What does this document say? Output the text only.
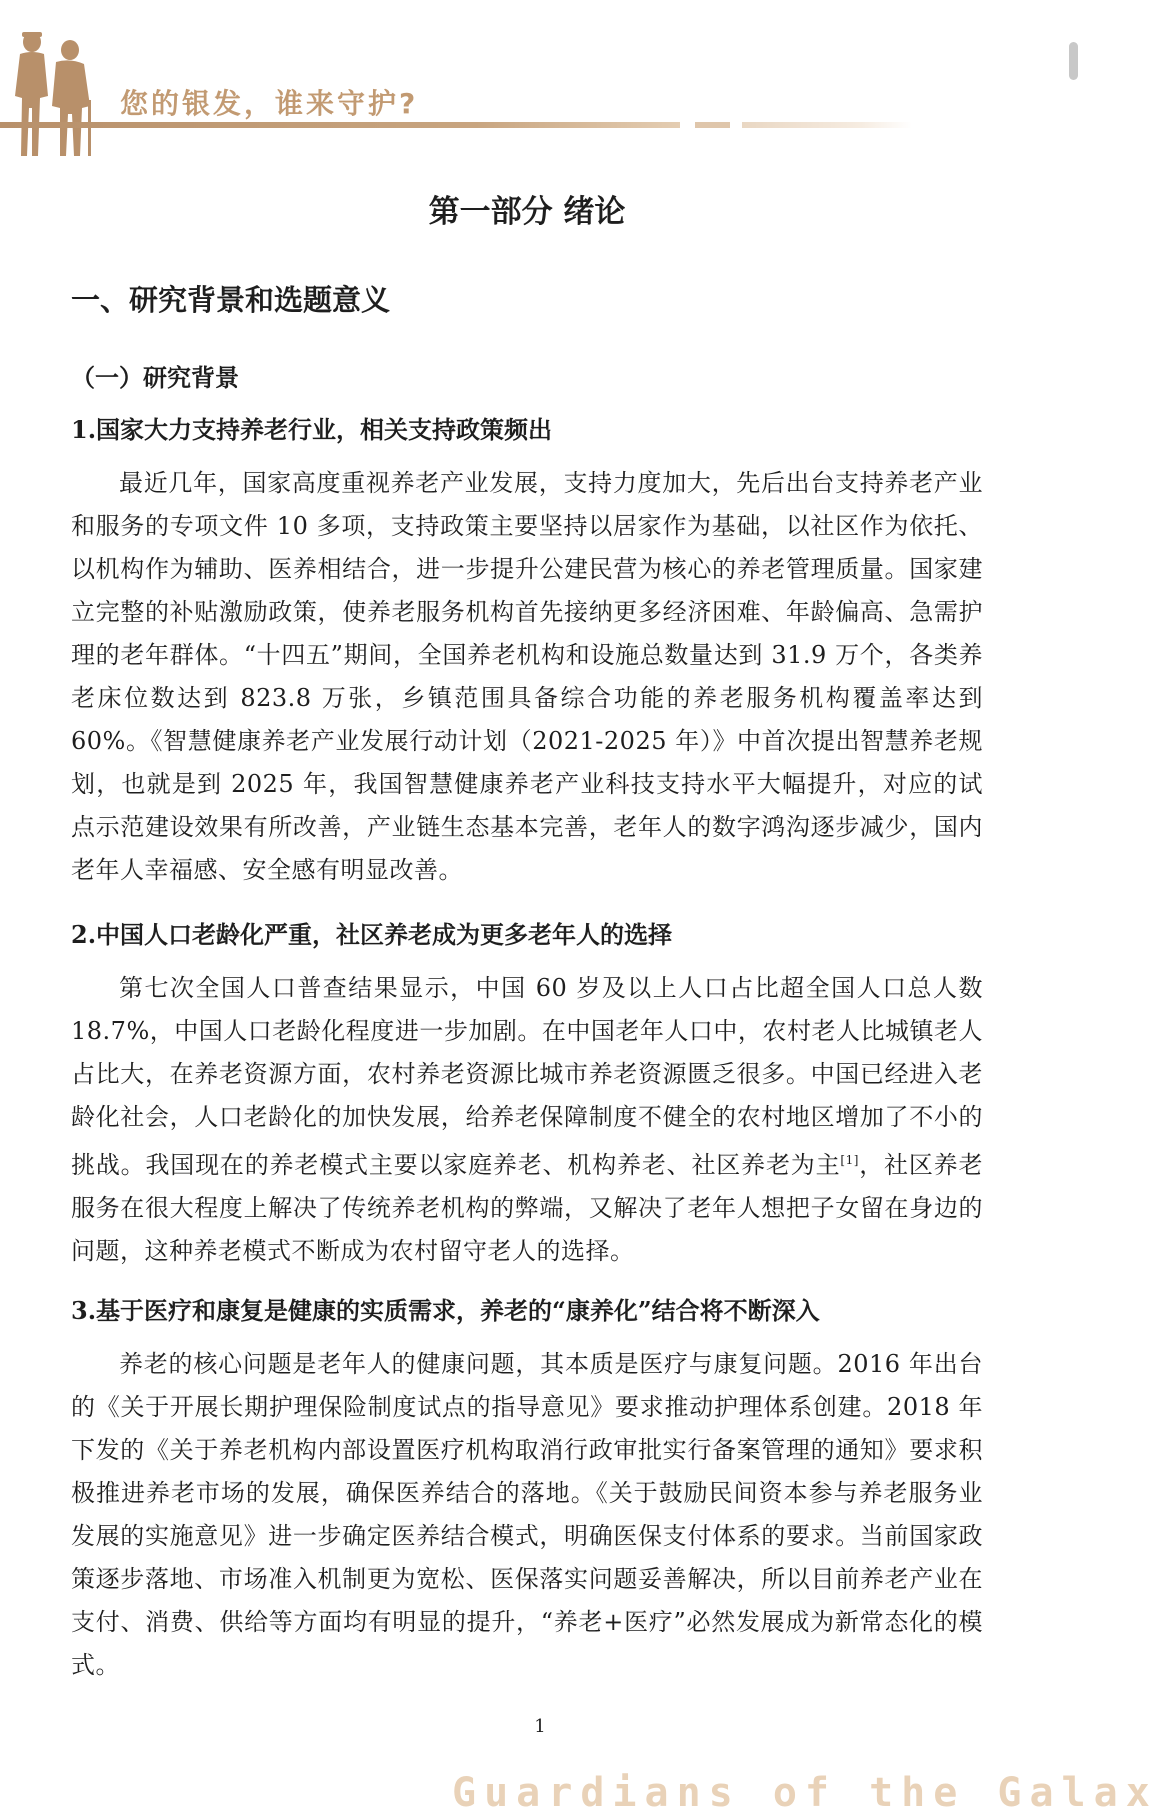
您的银发，谁来守护?
第一部分 绪论
一、研究背景和选题意义
（一）研究背景
1.国家大力支持养老行业，相关支持政策频出

最近几年，国家高度重视养老产业发展，支持力度加大，先后出台支持养老产业和服务的专项文件 10 多项，支持政策主要坚持以居家作为基础，以社区作为依托、以机构作为辅助、医养相结合，进一步提升公建民营为核心的养老管理质量。国家建立完整的补贴激励政策，使养老服务机构首先接纳更多经济困难、年龄偏高、急需护理的老年群体。“十四五”期间，全国养老机构和设施总数量达到 31.9 万个，各类养老床位数达到 823.8 万张，乡镇范围具备综合功能的养老服务机构覆盖率达到 60%。《智慧健康养老产业发展行动计划（2021-2025 年）》中首次提出智慧养老规划，也就是到 2025 年，我国智慧健康养老产业科技支持水平大幅提升，对应的试点示范建设效果有所改善，产业链生态基本完善，老年人的数字鸿沟逐步减少，国内老年人幸福感、安全感有明显改善。

2.中国人口老龄化严重，社区养老成为更多老年人的选择

第七次全国人口普查结果显示，中国 60 岁及以上人口占比超全国人口总人数 18.7%，中国人口老龄化程度进一步加剧。在中国老年人口中，农村老人比城镇老人占比大，在养老资源方面，农村养老资源比城市养老资源匮乏很多。中国已经进入老龄化社会，人口老龄化的加快发展，给养老保障制度不健全的农村地区增加了不小的挑战。我国现在的养老模式主要以家庭养老、机构养老、社区养老为主[1]，社区养老服务在很大程度上解决了传统养老机构的弊端，又解决了老年人想把子女留在身边的问题，这种养老模式不断成为农村留守老人的选择。

3.基于医疗和康复是健康的实质需求，养老的“康养化”结合将不断深入

养老的核心问题是老年人的健康问题，其本质是医疗与康复问题。2016 年出台的《关于开展长期护理保险制度试点的指导意见》要求推动护理体系创建。2018 年下发的《关于养老机构内部设置医疗机构取消行政审批实行备案管理的通知》要求积极推进养老市场的发展，确保医养结合的落地。《关于鼓励民间资本参与养老服务业发展的实施意见》进一步确定医养结合模式，明确医保支付体系的要求。当前国家政策逐步落地、市场准入机制更为宽松、医保落实问题妥善解决，所以目前养老产业在支付、消费、供给等方面均有明显的提升，“养老+医疗”必然发展成为新常态化的模式。

1
Guardians of the Galax
